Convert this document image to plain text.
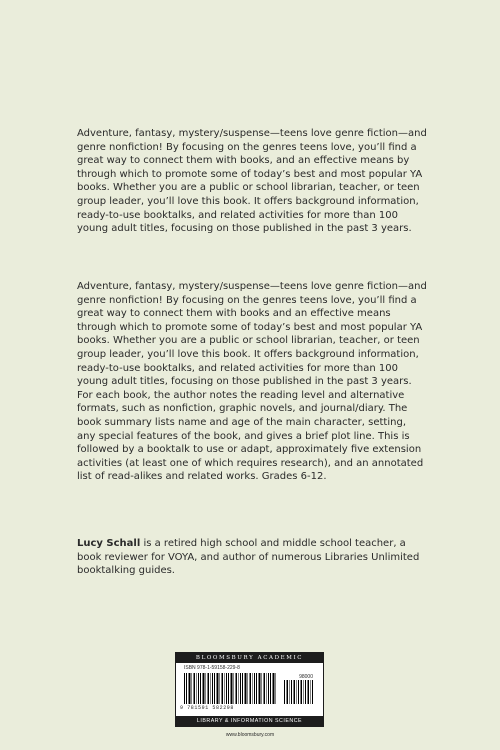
Adventure, fantasy, mystery/suspense—teens love genre fiction—and genre nonfiction! By focusing on the genres teens love, you’ll find a great way to connect them with books, and an effective means by through which to promote some of today’s best and most popular YA books. Whether you are a public or school librarian, teacher, or teen group leader, you’ll love this book. It offers background information, ready-to-use booktalks, and related activities for more than 100 young adult titles, focusing on those published in the past 3 years.

Adventure, fantasy, mystery/suspense—teens love genre fiction—and genre nonfiction! By focusing on the genres teens love, you’ll find a great way to connect them with books and an effective means through which to promote some of today’s best and most popular YA books. Whether you are a public or school librarian, teacher, or teen group leader, you’ll love this book. It offers background information, ready-to-use booktalks, and related activities for more than 100 young adult titles, focusing on those published in the past 3 years. For each book, the author notes the reading level and alternative formats, such as nonfiction, graphic novels, and journal/diary. The book summary lists name and age of the main character, setting, any special features of the book, and gives a brief plot line. This is followed by a booktalk to use or adapt, approximately five extension activities (at least one of which requires research), and an annotated list of read-alikes and related works. Grades 6-12.

Lucy Schall is a retired high school and middle school teacher, a book reviewer for VOYA, and author of numerous Libraries Unlimited booktalking guides.

BLOOMSBURY ACADEMIC
ISBN 978-1-59158-229-8
98000
9 781591 582298
LIBRARY & INFORMATION SCIENCE
www.bloomsbury.com
